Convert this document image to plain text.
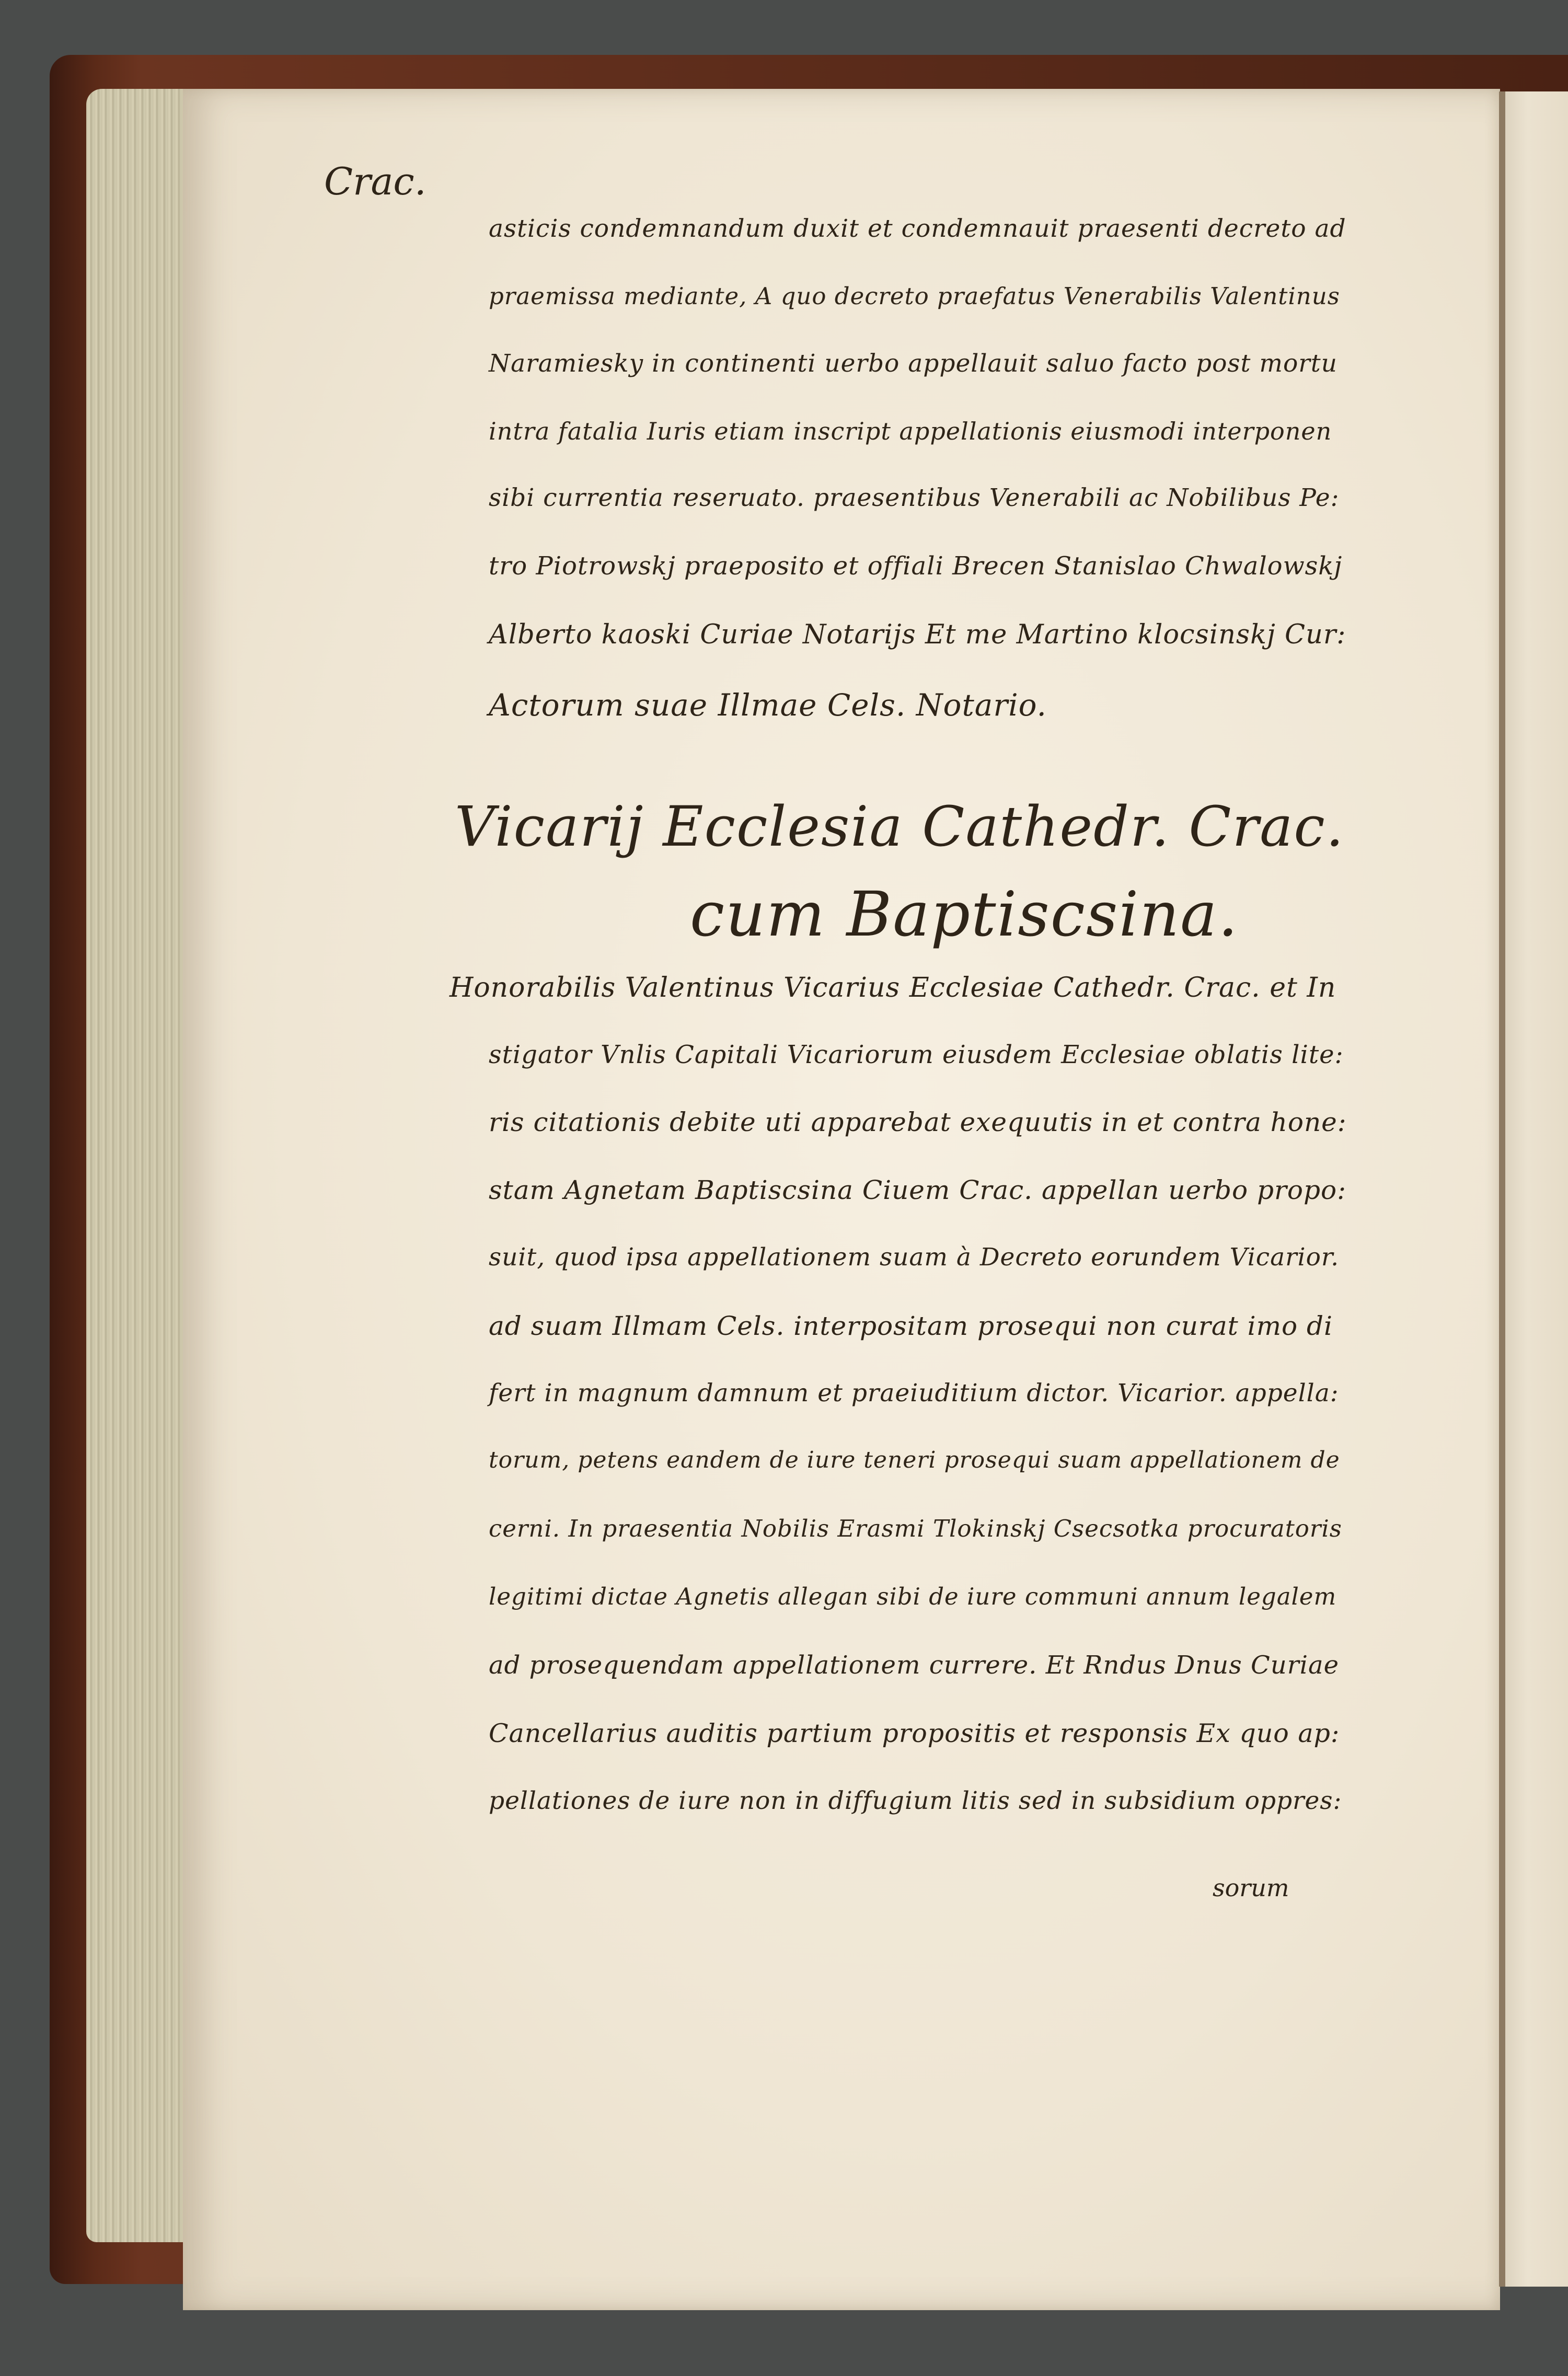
Crac.
asticis condemnandum duxit et condemnauit praesenti decreto ad
praemissa mediante, A quo decreto praefatus Venerabilis Valentinus
Naramiesky in continenti uerbo appellauit saluo facto post mortu
intra fatalia Iuris etiam inscript appellationis eiusmodi interponen
sibi currentia reseruato. praesentibus Venerabili ac Nobilibus Pe:
tro Piotrowskj praeposito et offiali Brecen Stanislao Chwalowskj
Alberto kaoski Curiae Notarijs Et me Martino klocsinskj Cur:
Actorum suae Illmae Cels. Notario.
Vicarij Ecclesia Cathedr. Crac.
cum Baptiscsina.
Honorabilis Valentinus Vicarius Ecclesiae Cathedr. Crac. et In
stigator Vnlis Capitali Vicariorum eiusdem Ecclesiae oblatis lite:
ris citationis debite uti apparebat exequutis in et contra hone:
stam Agnetam Baptiscsina Ciuem Crac. appellan uerbo propo:
suit, quod ipsa appellationem suam à Decreto eorundem Vicarior.
ad suam Illmam Cels. interpositam prosequi non curat imo di
fert in magnum damnum et praeiuditium dictor. Vicarior. appella:
torum, petens eandem de iure teneri prosequi suam appellationem de
cerni. In praesentia Nobilis Erasmi Tlokinskj Csecsotka procuratoris
legitimi dictae Agnetis allegan sibi de iure communi annum legalem
ad prosequendam appellationem currere. Et Rndus Dnus Curiae
Cancellarius auditis partium propositis et responsis Ex quo ap:
pellationes de iure non in diffugium litis sed in subsidium oppres:
sorum
